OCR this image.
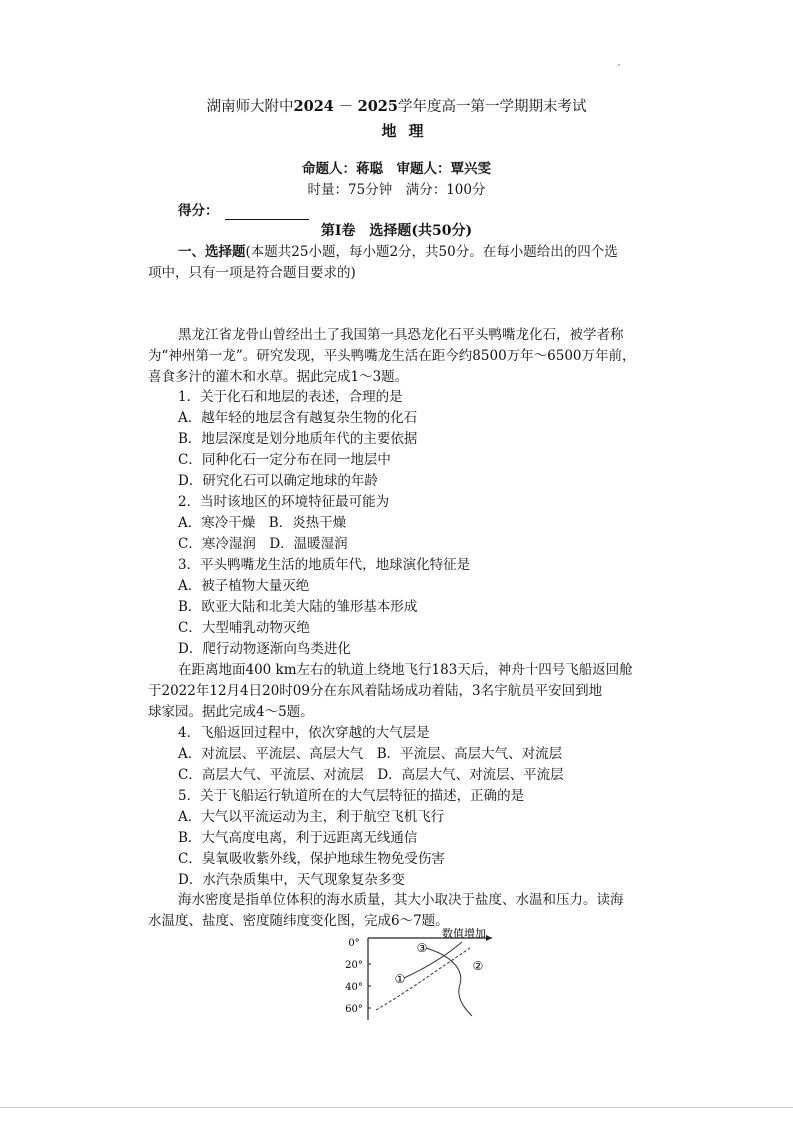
湖南师大附中2024 － 2025学年度高一第一学期期末考试
地理
命题人：蒋聪　审题人：覃兴雯
时量：75分钟　满分：100分
得分：
第Ⅰ卷　选择题(共50分)
一、选择题(本题共25小题，每小题2分，共50分。在每小题给出的四个选
项中，只有一项是符合题目要求的)
黑龙江省龙骨山曾经出土了我国第一具恐龙化石平头鸭嘴龙化石，被学者称
为“神州第一龙”。研究发现，平头鸭嘴龙生活在距今约8500万年～6500万年前，
喜食多汁的灌木和水草。据此完成1～3题。
1．关于化石和地层的表述，合理的是
A．越年轻的地层含有越复杂生物的化石
B．地层深度是划分地质年代的主要依据
C．同种化石一定分布在同一地层中
D．研究化石可以确定地球的年龄
2．当时该地区的环境特征最可能为
A．寒冷干燥　B．炎热干燥
C．寒冷湿润　D．温暖湿润
3．平头鸭嘴龙生活的地质年代，地球演化特征是
A．被子植物大量灭绝
B．欧亚大陆和北美大陆的雏形基本形成
C．大型哺乳动物灭绝
D．爬行动物逐渐向鸟类进化
在距离地面400 km左右的轨道上绕地飞行183天后，神舟十四号飞船返回舱
于2022年12月4日20时09分在东风着陆场成功着陆，3名宇航员平安回到地
球家园。据此完成4～5题。
4．飞船返回过程中，依次穿越的大气层是
A．对流层、平流层、高层大气　B．平流层、高层大气、对流层
C．高层大气、平流层、对流层　D．高层大气、对流层、平流层
5．关于飞船运行轨道所在的大气层特征的描述，正确的是
A．大气以平流运动为主，利于航空飞机飞行
B．大气高度电离，利于远距离无线通信
C．臭氧吸收紫外线，保护地球生物免受伤害
D．水汽杂质集中，天气现象复杂多变
海水密度是指单位体积的海水质量，其大小取决于盐度、水温和压力。读海
水温度、盐度、密度随纬度变化图，完成6～7题。
数值增加
0°
20°
40°
60°
①
②
③
